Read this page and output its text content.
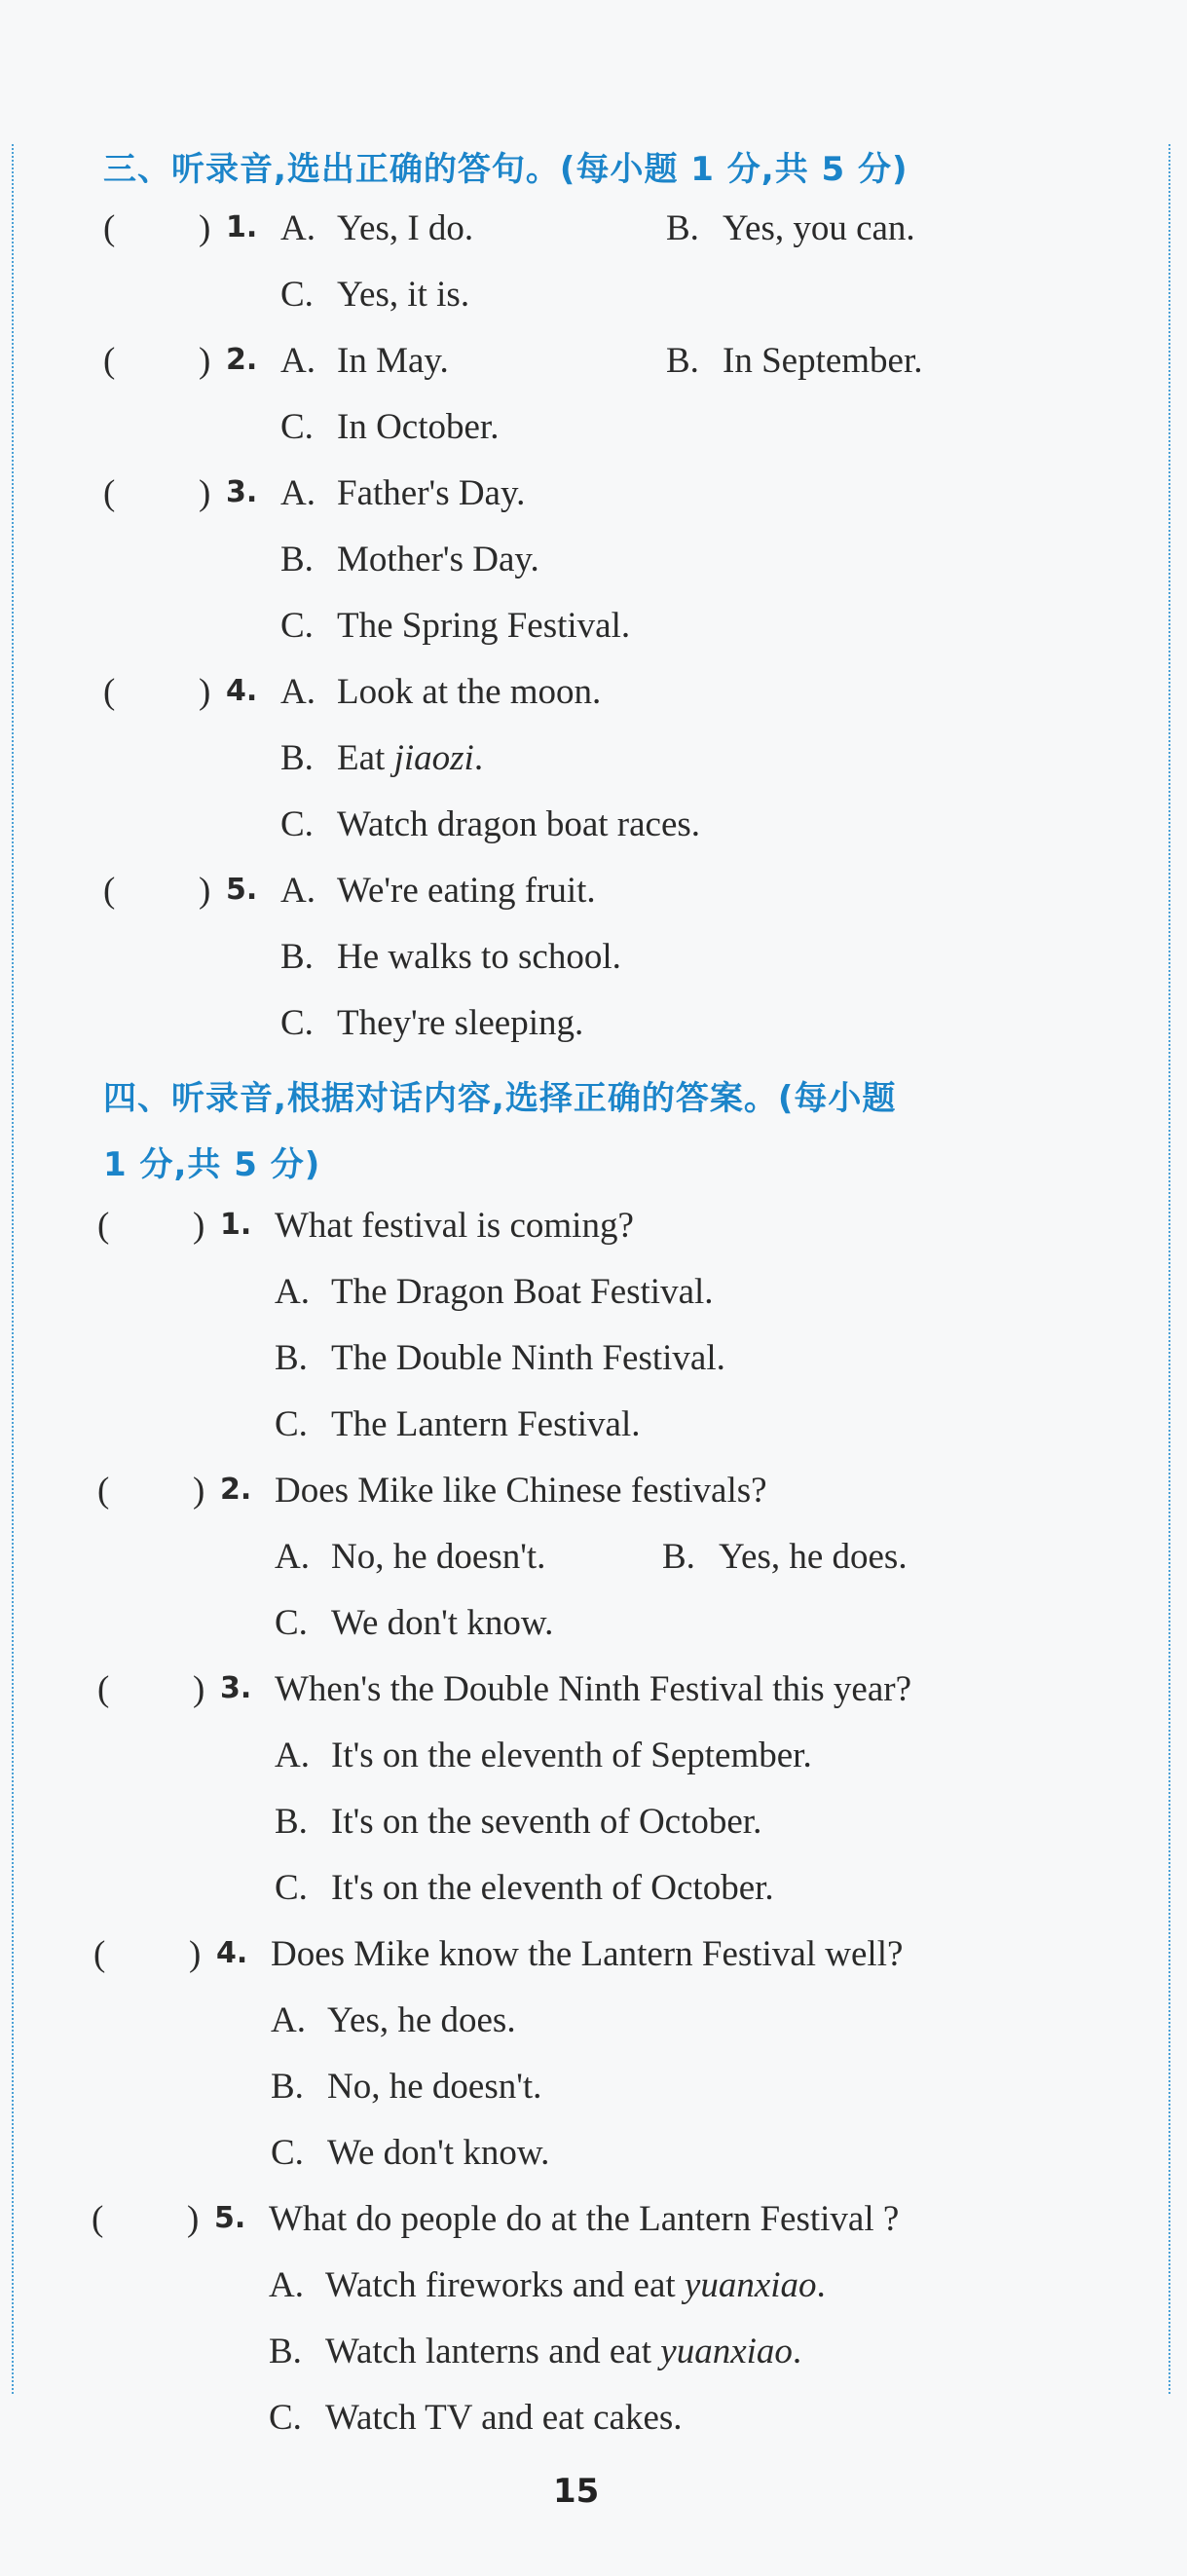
三、听录音,选出正确的答句。(每小题 1 分,共 5 分)
( ) 1. A. Yes, I do.	B. Yes, you can.
C. Yes, it is.
( ) 2. A. In May.	B. In September.
C. In October.
( ) 3. A. Father's Day.
B. Mother's Day.
C. The Spring Festival.
( ) 4. A. Look at the moon.
B. Eat jiaozi.
C. Watch dragon boat races.
( ) 5. A. We're eating fruit.
B. He walks to school.
C. They're sleeping.
四、听录音,根据对话内容,选择正确的答案。(每小题
1 分,共 5 分)
( ) 1. What festival is coming?
A. The Dragon Boat Festival.
B. The Double Ninth Festival.
C. The Lantern Festival.
( ) 2. Does Mike like Chinese festivals?
A. No, he doesn't.	B. Yes, he does.
C. We don't know.
( ) 3. When's the Double Ninth Festival this year?
A. It's on the eleventh of September.
B. It's on the seventh of October.
C. It's on the eleventh of October.
( ) 4. Does Mike know the Lantern Festival well?
A. Yes, he does.
B. No, he doesn't.
C. We don't know.
( ) 5. What do people do at the Lantern Festival ?
A. Watch fireworks and eat yuanxiao.
B. Watch lanterns and eat yuanxiao.
C. Watch TV and eat cakes.
15
